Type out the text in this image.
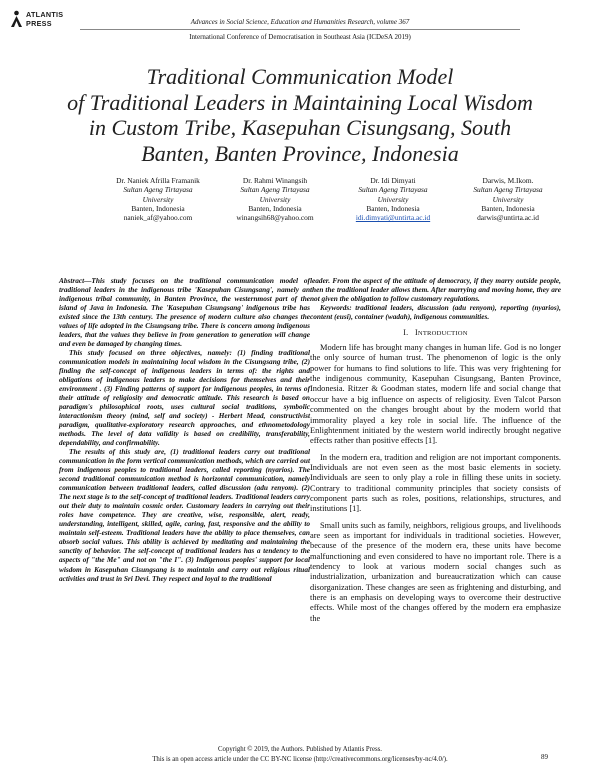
ATLANTIS
PRESS	Advances in Social Science, Education and Humanities Research, volume 367
International Conference of Democratisation in Southeast Asia (ICDeSA 2019)
Traditional Communication Model
of Traditional Leaders in Maintaining Local Wisdom
in Custom Tribe, Kasepuhan Cisungsang, South
Banten, Banten Province, Indonesia
Dr. Naniek Afrilla Framanik

Sultan Ageng Tirtayasa
University
Banten, Indonesia
naniek_af@yahoo.com
Dr. Rahmi Winangsih

Sultan Ageng Tirtayasa
University
Banten, Indonesia
winangsih68@yahoo.com
Dr. Idi Dimyati

Sultan Ageng Tirtayasa
University
Banten, Indonesia
idi.dimyati@untirta.ac.id
Darwis, M.Ikom.

Sultan Ageng Tirtayasa
University
Banten, Indonesia
darwis@untirta.ac.id

Abstract—This study focuses on the traditional communication model of traditional leaders in the indigenous tribe 'Kasepuhan Cisungsang', namely an indigenous tribal community, in Banten Province, the westernmost part of the island of Java in Indonesia. The 'Kasepuhan Cisungsang' indigenous tribe has existed since the 13th century. The presence of modern culture also changes the values of life adopted in the Cisungsang tribe. There is concern among indigenous leaders, that the values they believe in from generation to generation will change and even be damaged by changing times.

This study focused on three objectives, namely: (1) finding traditional communication models in maintaining local wisdom in the Cisungsang tribe, (2) finding the self-concept of indigenous leaders in terms of: the rights and obligations of indigenous leaders to make decisions for themselves and their environment . (3) Finding patterns of support for indigenous peoples, in terms of their attitude of religiosity and democratic attitude. This research is based on paradigm's philosophical roots, uses cultural social traditions, symbolic interactionism theory (mind, self and society) - Herbert Mead, constructivist paradigm, qualitative-exploratory research approaches, and ethnometodology methods. The level of data validity is based on credibility, transferability, dependability, and confirmability.

The results of this study are, (1) traditional leaders carry out traditional communication in the form vertical communication methods, which are carried out from indigenous peoples to traditional leaders, called reporting (nyarios). The second traditional communication method is horizontal communication, namely communication between traditional leaders, called discussion (adu renyom). (2) The next stage is to the self-concept of traditional leaders. Traditional leaders carry out their duty to maintain cosmic order. Customary leaders in carrying out their roles have competence. They are creative, wise, responsible, alert, ready, understanding, intelligent, skilled, agile, caring, fast, responsive and the ability to maintain self-esteem. Traditional leaders have the ability to place themselves, can absorb social values. This ability is achieved by meditating and maintaining the sanctity of behavior. The self-concept of traditional leaders has a tendency to the aspects of "the Me" and not on "the I". (3) Indigenous peoples' support for local wisdom in Kasepuhan Cisungsang is to maintain and carry out religious ritual activities and trust in Sri Devi. They respect and loyal to the traditional

leader. From the aspect of the attitude of democracy, if they marry outside people, then the traditional leader allows them. After marrying and moving home, they are not given the obligation to follow customary regulations.

Keywords: traditional leaders, discussion (adu renyom), reporting (nyarios), content (eusi), container (wadah), indigenous communities.

I. INTRODUCTION

Modern life has brought many changes in human life. God is no longer the only source of human trust. The phenomenon of logic is the only power for humans to find solutions to life. This was very frightening for the indigenous community, Kasepuhan Cisungsang, Banten Province, Indonesia. Ritzer & Goodman states, modern life and social change that occur have a big influence on aspects of religiosity. Even Talcot Parson commented on the changes brought about by the modern world that immorality played a key role in social life. The influence of the Enlightenment initiated by the western world indirectly brought negative effects rather than positive effects [1].

In the modern era, tradition and religion are not important components. Individuals are not even seen as the most basic elements in society. Individuals are seen to only play a role in filling these units in society. Contrary to traditional community principles that society consists of component parts such as roles, positions, relationships, structures, and institutions [1].

Small units such as family, neighbors, religious groups, and livelihoods are seen as important for individuals in traditional societies. However, because of the presence of the modern era, these units have become malfunctioning and even considered to have no important role. There is a tendency to look at various modern social changes such as industrialization, urbanization and bureaucratization which can cause disorganization. These changes are seen as frightening and disturbing, and there is an emphasis on developing ways to overcome their destructive effects. While most of the changes offered by the modern era emphasize the

Copyright © 2019, the Authors. Published by Atlantis Press.
This is an open access article under the CC BY-NC license (http://creativecommons.org/licenses/by-nc/4.0/).	89
